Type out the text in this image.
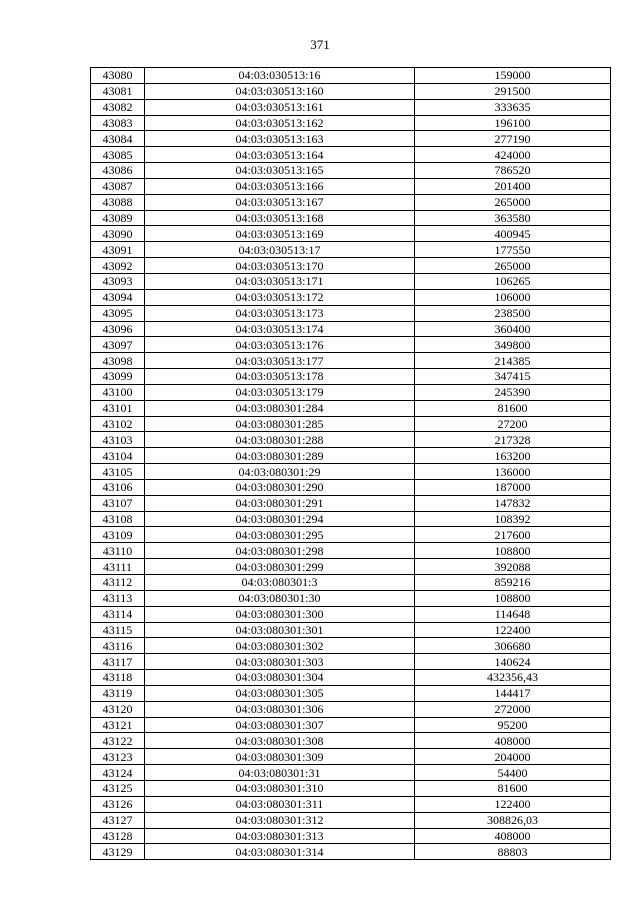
371
43080	04:03:030513:16	159000
43081	04:03:030513:160	291500
43082	04:03:030513:161	333635
43083	04:03:030513:162	196100
43084	04:03:030513:163	277190
43085	04:03:030513:164	424000
43086	04:03:030513:165	786520
43087	04:03:030513:166	201400
43088	04:03:030513:167	265000
43089	04:03:030513:168	363580
43090	04:03:030513:169	400945
43091	04:03:030513:17	177550
43092	04:03:030513:170	265000
43093	04:03:030513:171	106265
43094	04:03:030513:172	106000
43095	04:03:030513:173	238500
43096	04:03:030513:174	360400
43097	04:03:030513:176	349800
43098	04:03:030513:177	214385
43099	04:03:030513:178	347415
43100	04:03:030513:179	245390
43101	04:03:080301:284	81600
43102	04:03:080301:285	27200
43103	04:03:080301:288	217328
43104	04:03:080301:289	163200
43105	04:03:080301:29	136000
43106	04:03:080301:290	187000
43107	04:03:080301:291	147832
43108	04:03:080301:294	108392
43109	04:03:080301:295	217600
43110	04:03:080301:298	108800
43111	04:03:080301:299	392088
43112	04:03:080301:3	859216
43113	04:03:080301:30	108800
43114	04:03:080301:300	114648
43115	04:03:080301:301	122400
43116	04:03:080301:302	306680
43117	04:03:080301:303	140624
43118	04:03:080301:304	432356,43
43119	04:03:080301:305	144417
43120	04:03:080301:306	272000
43121	04:03:080301:307	95200
43122	04:03:080301:308	408000
43123	04:03:080301:309	204000
43124	04:03:080301:31	54400
43125	04:03:080301:310	81600
43126	04:03:080301:311	122400
43127	04:03:080301:312	308826,03
43128	04:03:080301:313	408000
43129	04:03:080301:314	88803
